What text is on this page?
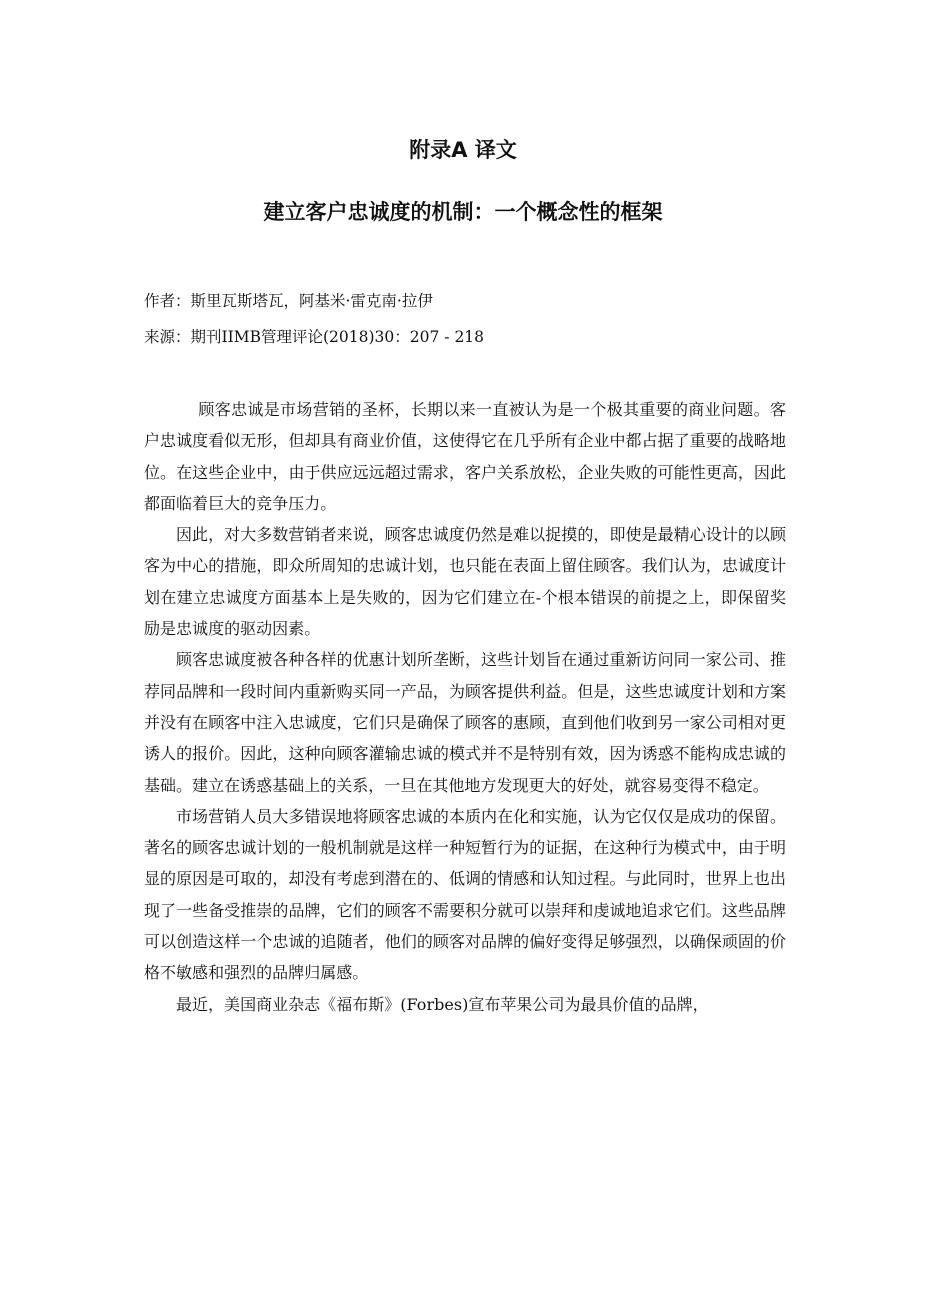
附录A 译文
建立客户忠诚度的机制：一个概念性的框架

作者：斯里瓦斯塔瓦，阿基米·雷克南·拉伊

来源：期刊IIMB管理评论(2018)30：207 - 218

顾客忠诚是市场营销的圣杯，长期以来一直被认为是一个极其重要的商业问题。客户忠诚度看似无形，但却具有商业价值，这使得它在几乎所有企业中都占据了重要的战略地位。在这些企业中，由于供应远远超过需求，客户关系放松，企业失败的可能性更高，因此都面临着巨大的竞争压力。

因此，对大多数营销者来说，顾客忠诚度仍然是难以捉摸的，即使是最精心设计的以顾客为中心的措施，即众所周知的忠诚计划，也只能在表面上留住顾客。我们认为，忠诚度计划在建立忠诚度方面基本上是失败的，因为它们建立在-个根本错误的前提之上，即保留奖励是忠诚度的驱动因素。

顾客忠诚度被各种各样的优惠计划所垄断，这些计划旨在通过重新访问同一家公司、推荐同品牌和一段时间内重新购买同一产品，为顾客提供利益。但是，这些忠诚度计划和方案并没有在顾客中注入忠诚度，它们只是确保了顾客的惠顾，直到他们收到另一家公司相对更诱人的报价。因此，这种向顾客灌输忠诚的模式并不是特别有效，因为诱惑不能构成忠诚的基础。建立在诱惑基础上的关系，一旦在其他地方发现更大的好处，就容易变得不稳定。

市场营销人员大多错误地将顾客忠诚的本质内在化和实施，认为它仅仅是成功的保留。著名的顾客忠诚计划的一般机制就是这样一种短暂行为的证据，在这种行为模式中，由于明显的原因是可取的，却没有考虑到潜在的、低调的情感和认知过程。与此同时，世界上也出现了一些备受推崇的品牌，它们的顾客不需要积分就可以崇拜和虔诚地追求它们。这些品牌可以创造这样一个忠诚的追随者，他们的顾客对品牌的偏好变得足够强烈，以确保顽固的价格不敏感和强烈的品牌归属感。

最近，美国商业杂志《福布斯》(Forbes)宣布苹果公司为最具价值的品牌，
